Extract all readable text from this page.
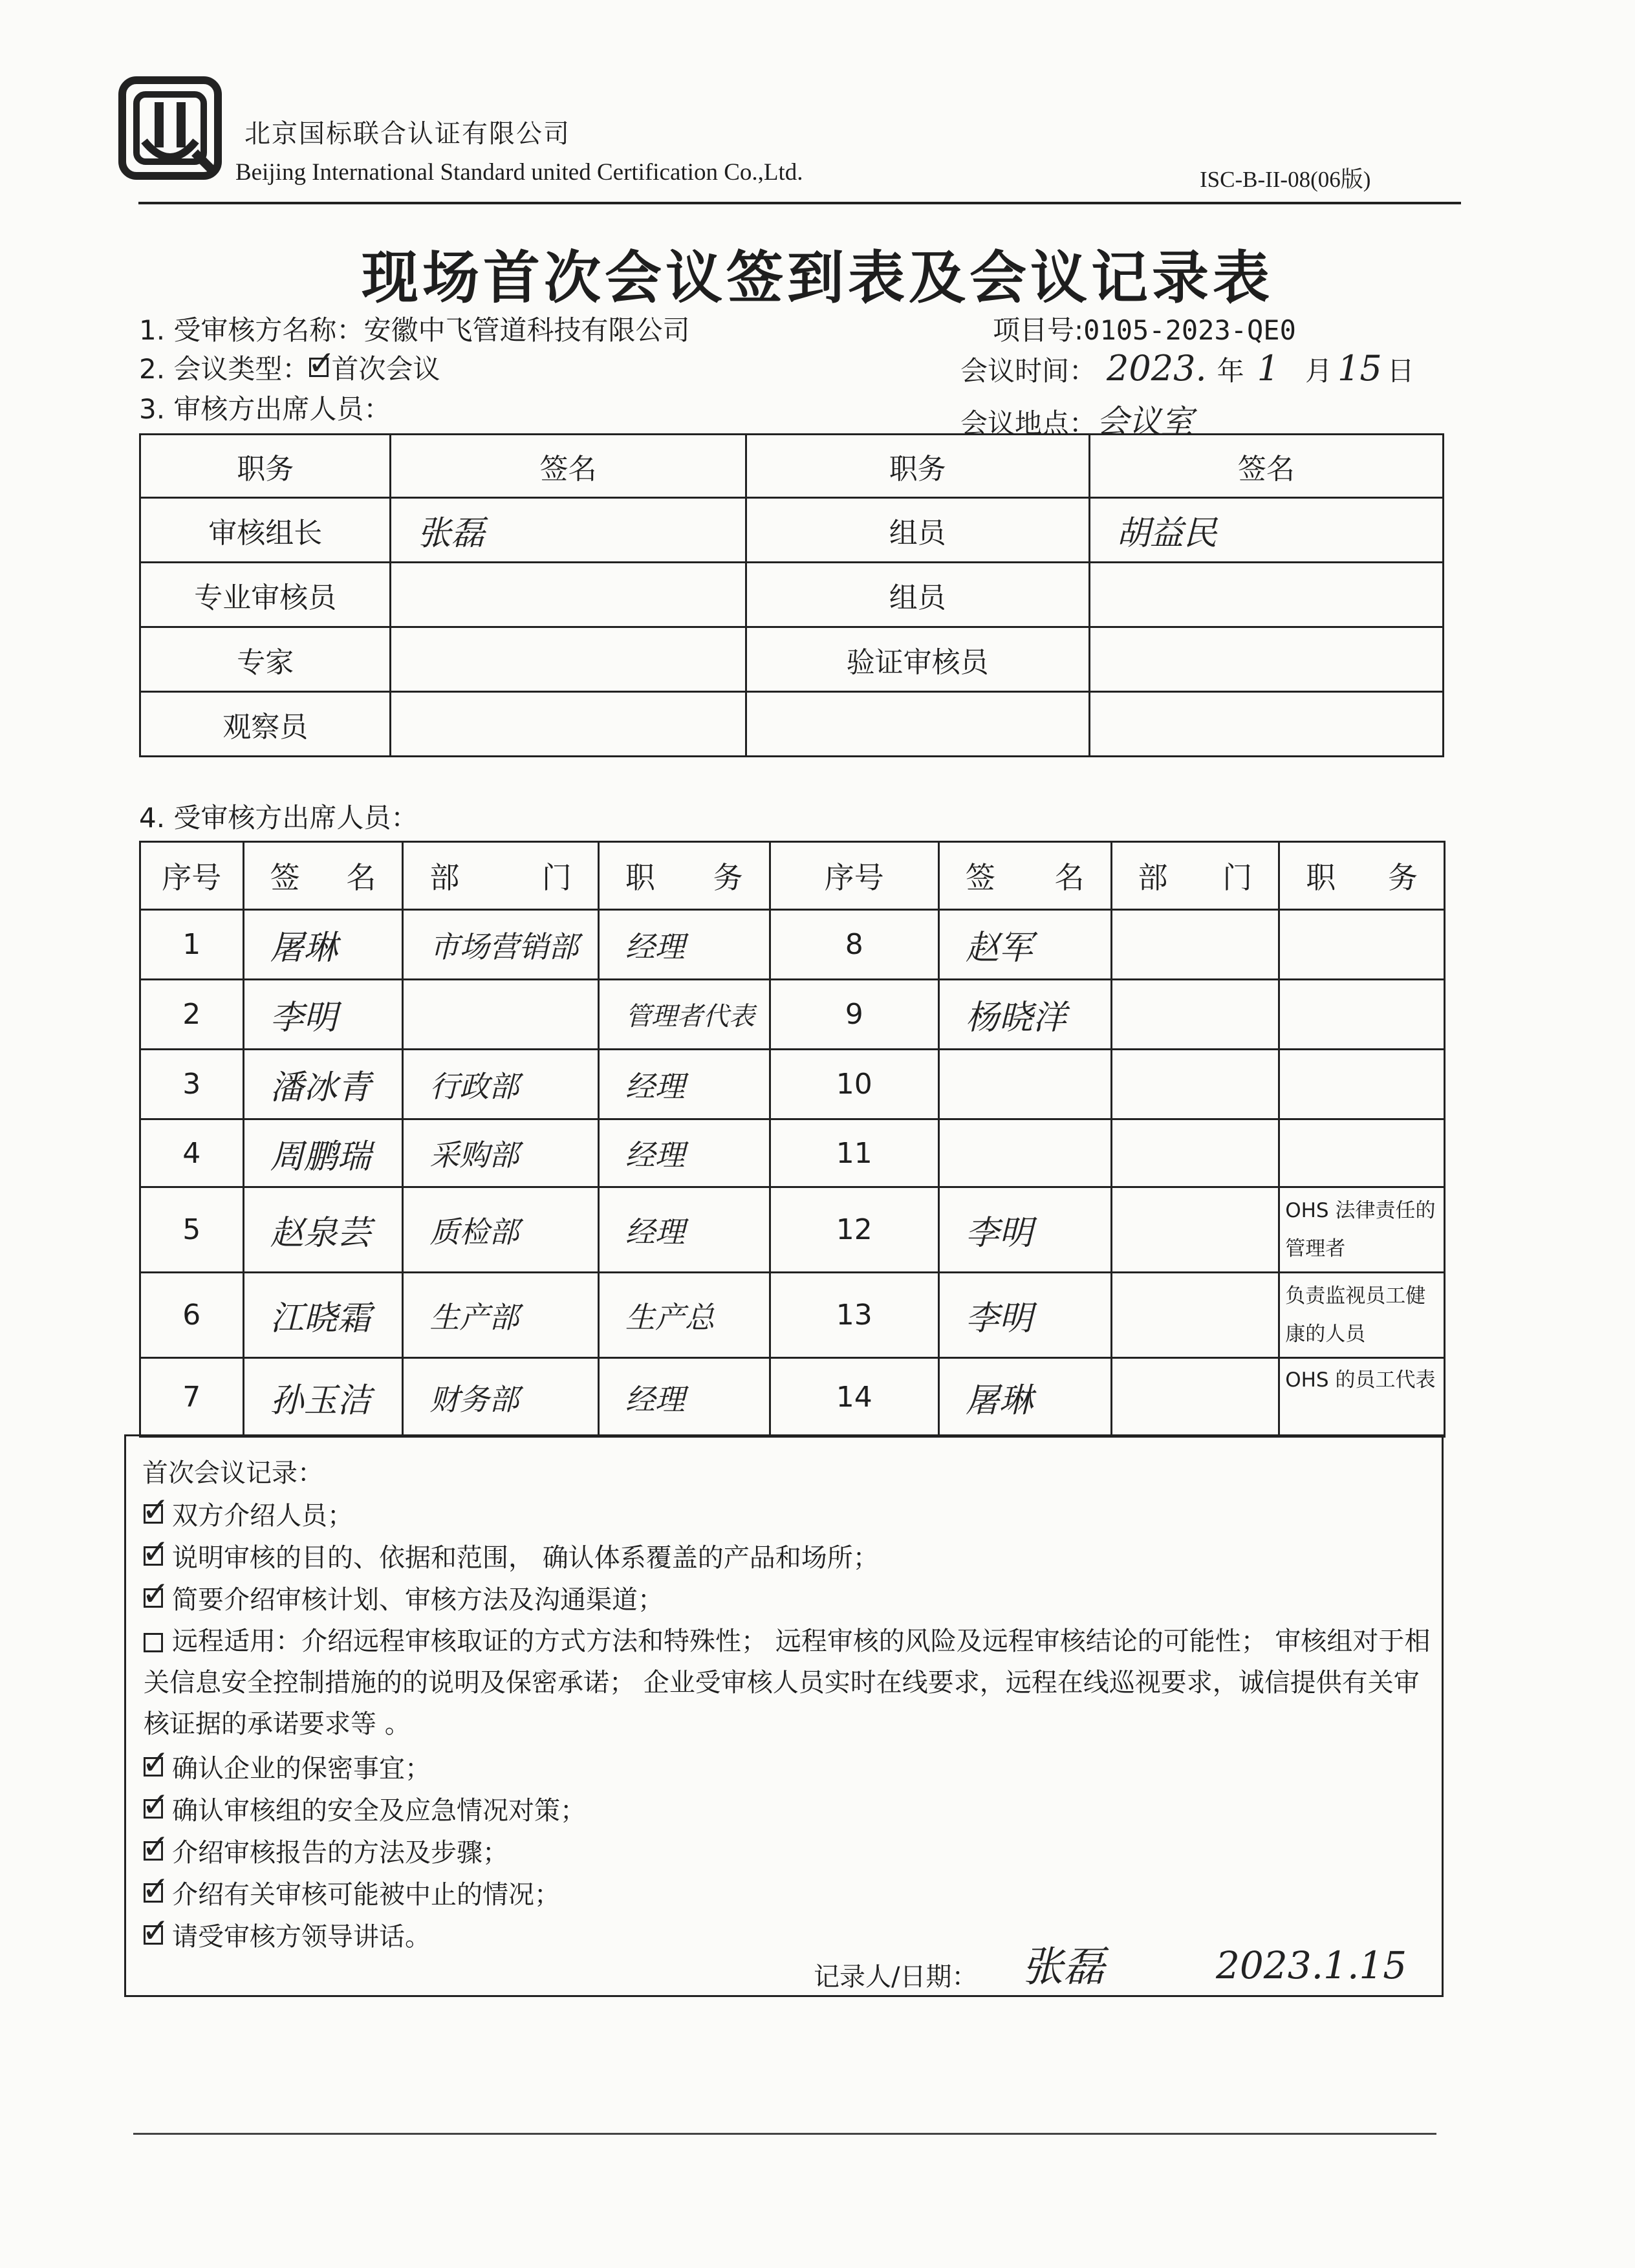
北京国标联合认证有限公司
Beijing International Standard united Certification Co.,Ltd.	ISC-B-II-08(06版)
现场首次会议签到表及会议记录表
1. 受审核方名称：安徽中飞管道科技有限公司	项目号:0105-2023-QE0
2. 会议类型：
✓
首次会议	会议时间： 2023. 年 1 月 15 日
3. 审核方出席人员：	会议地点：会议室
职务	签名	职务	签名
审核组长	张磊	组员	胡益民
专业审核员		组员	
专家		验证审核员	
观察员			
4. 受审核方出席人员：
序号	签 名	部 门	职 务	序号	签 名	部 门	职 务

1	屠琳	市场营销部	经理	8	赵军		
2	李明		管理者代表	9	杨晓洋		
3	潘冰青	行政部	经理	10			
4	周鹏瑞	采购部	经理	11			
5	赵泉芸	质检部	经理	12	李明		OHS 法律责任的管理者
6	江晓霜	生产部	生产总	13	李明		负责监视员工健康的人员
7	孙玉洁	财务部	经理	14	屠琳		OHS 的员工代表
首次会议记录：
✓ 双方介绍人员；
✓ 说明审核的目的、依据和范围， 确认体系覆盖的产品和场所；
✓ 简要介绍审核计划、审核方法及沟通渠道；
远程适用：介绍远程审核取证的方式方法和特殊性； 远程审核的风险及远程审核结论的可能性； 审核组对于相关信息安全控制措施的的说明及保密承诺； 企业受审核人员实时在线要求，远程在线巡视要求，诚信提供有关审核证据的承诺要求等 。
✓ 确认企业的保密事宜；
✓ 确认审核组的安全及应急情况对策；
✓ 介绍审核报告的方法及步骤；
✓ 介绍有关审核可能被中止的情况；
✓ 请受审核方领导讲话。
记录人/日期： 张磊	2023.1.15
